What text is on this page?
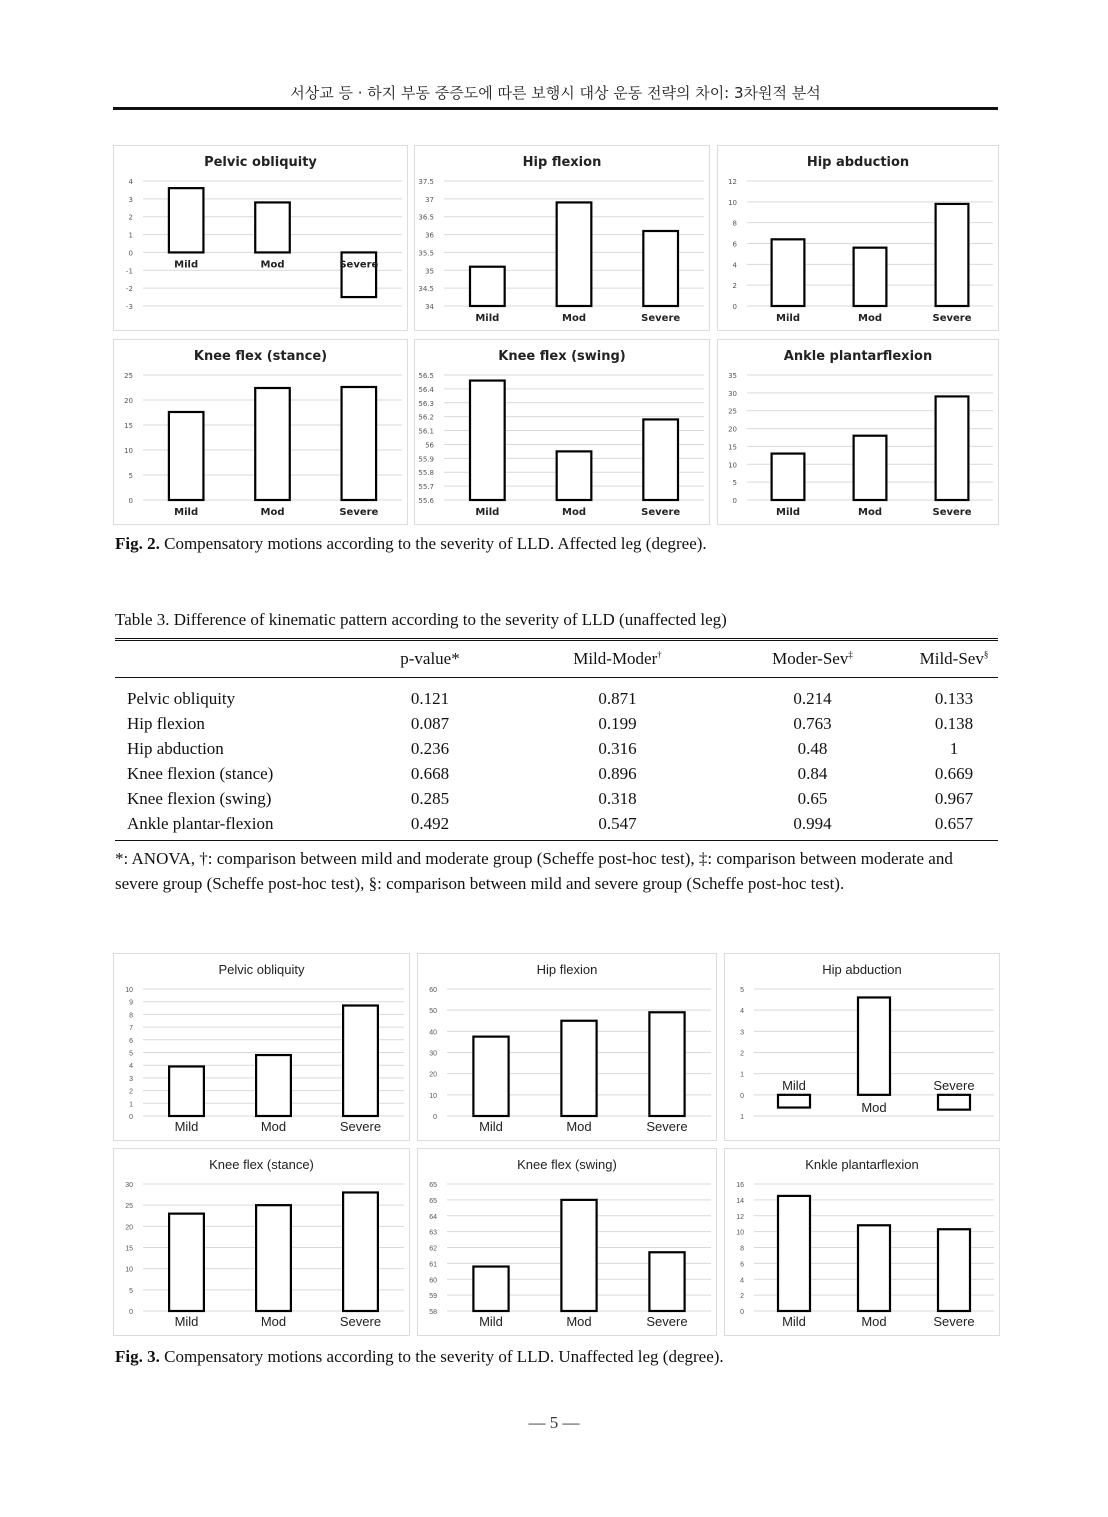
서상교 등 · 하지 부동 중증도에 따른 보행시 대상 운동 전략의 차이: 3차원적 분석
Pelvic obliquity
4
3
2
1
0
-1
-2
-3
Mild	Mod	Severe
Hip flexion
37.5
37
36.5
36
35.5
35
34.5
34
Mild	Mod	Severe
Hip abduction
12
10
8
6
4
2
0
Mild	Mod	Severe
Knee flex (stance)
25
20
15
10
5
0
Mild	Mod	Severe
Knee flex (swing)
56.5
56.4
56.3
56.2
56.1
56
55.9
55.8
55.7
55.6
Mild	Mod	Severe
Ankle plantarflexion
35
30
25
20
15
10
5
0
Mild	Mod	Severe
Fig. 2. Compensatory motions according to the severity of LLD. Affected leg (degree).
Table 3. Difference of kinematic pattern according to the severity of LLD (unaffected leg)
	p-value*	Mild-Moder†	Moder-Sev‡	Mild-Sev§
Pelvic obliquity	0.121	0.871	0.214	0.133
Hip flexion	0.087	0.199	0.763	0.138
Hip abduction	0.236	0.316	0.48	1
Knee flexion (stance)	0.668	0.896	0.84	0.669
Knee flexion (swing)	0.285	0.318	0.65	0.967
Ankle plantar-flexion	0.492	0.547	0.994	0.657
*: ANOVA, †: comparison between mild and moderate group (Scheffe post-hoc test), ‡: comparison between moderate and severe group (Scheffe post-hoc test), §: comparison between mild and severe group (Scheffe post-hoc test).
Pelvic obliquity
10
9
8
7
6
5
4
3
2
1
0
Mild	Mod	Severe
Hip flexion
60
50
40
30
20
10
0
Mild	Mod	Severe
Hip abduction
5
4
3
2
1
0
1
Mild
Mod
Severe
Knee flex (stance)
30
25
20
15
10
5
0
Mild	Mod	Severe
Knee flex (swing)
65
65
64
63
62
61
60
59
58
Mild	Mod	Severe
Knkle plantarflexion
16
14
12
10
8
6
4
2
0
Mild	Mod	Severe
Fig. 3. Compensatory motions according to the severity of LLD. Unaffected leg (degree).
— 5 —
